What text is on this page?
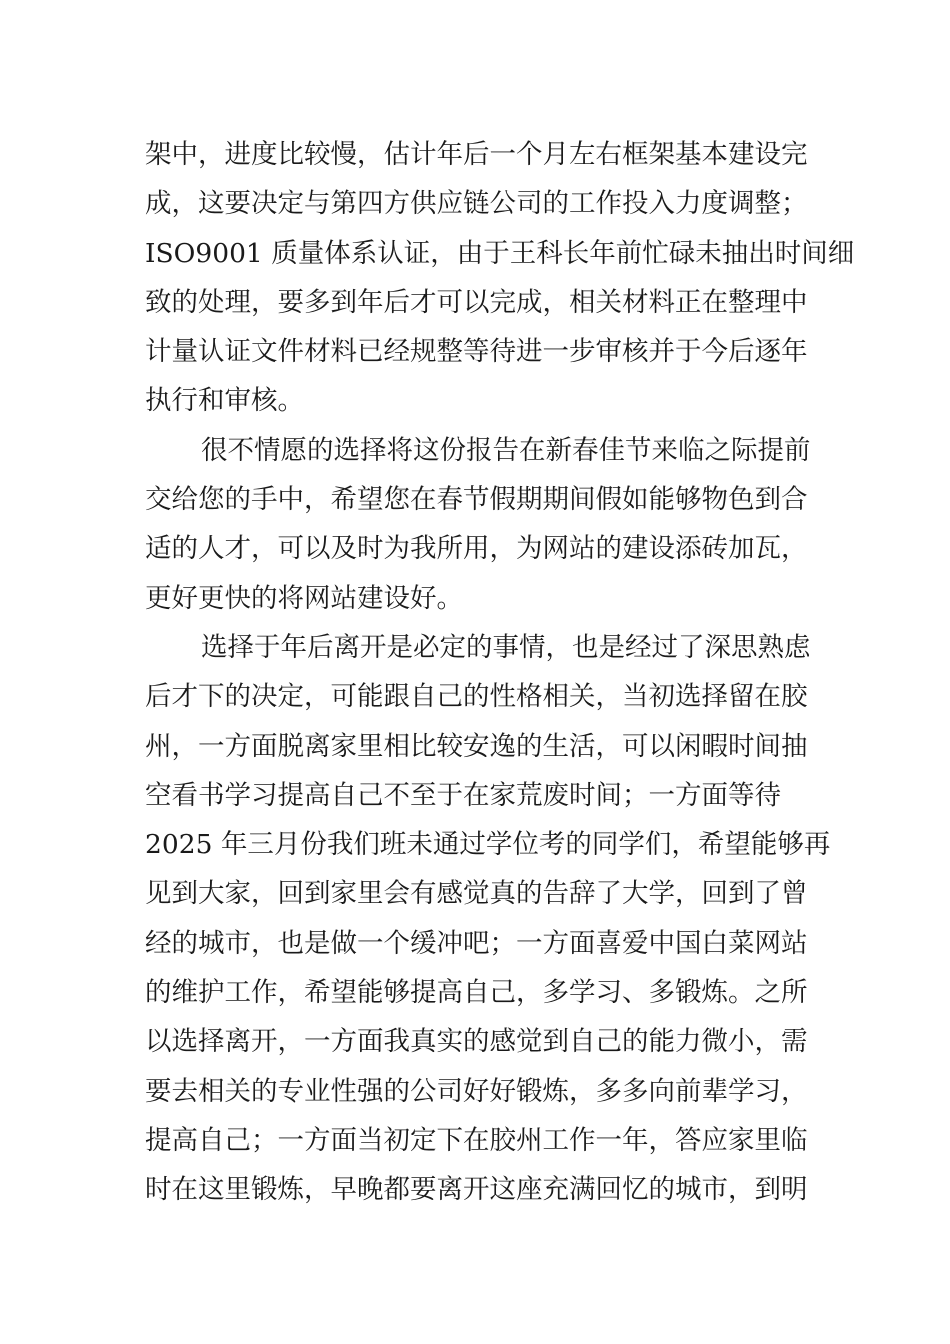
架中，进度比较慢，估计年后一个月左右框架基本建设完
成，这要决定与第四方供应链公司的工作投入力度调整；
ISO9001 质量体系认证，由于王科长年前忙碌未抽出时间细
致的处理，要多到年后才可以完成，相关材料正在整理中
计量认证文件材料已经规整等待进一步审核并于今后逐年
执行和审核。
很不情愿的选择将这份报告在新春佳节来临之际提前
交给您的手中，希望您在春节假期期间假如能够物色到合
适的人才，可以及时为我所用，为网站的建设添砖加瓦，
更好更快的将网站建设好。
选择于年后离开是必定的事情，也是经过了深思熟虑
后才下的决定，可能跟自己的性格相关，当初选择留在胶
州，一方面脱离家里相比较安逸的生活，可以闲暇时间抽
空看书学习提高自己不至于在家荒废时间；一方面等待
2025 年三月份我们班未通过学位考的同学们，希望能够再
见到大家，回到家里会有感觉真的告辞了大学，回到了曾
经的城市，也是做一个缓冲吧；一方面喜爱中国白菜网站
的维护工作，希望能够提高自己，多学习、多锻炼。之所
以选择离开，一方面我真实的感觉到自己的能力微小，需
要去相关的专业性强的公司好好锻炼，多多向前辈学习，
提高自己；一方面当初定下在胶州工作一年，答应家里临
时在这里锻炼，早晚都要离开这座充满回忆的城市，到明
